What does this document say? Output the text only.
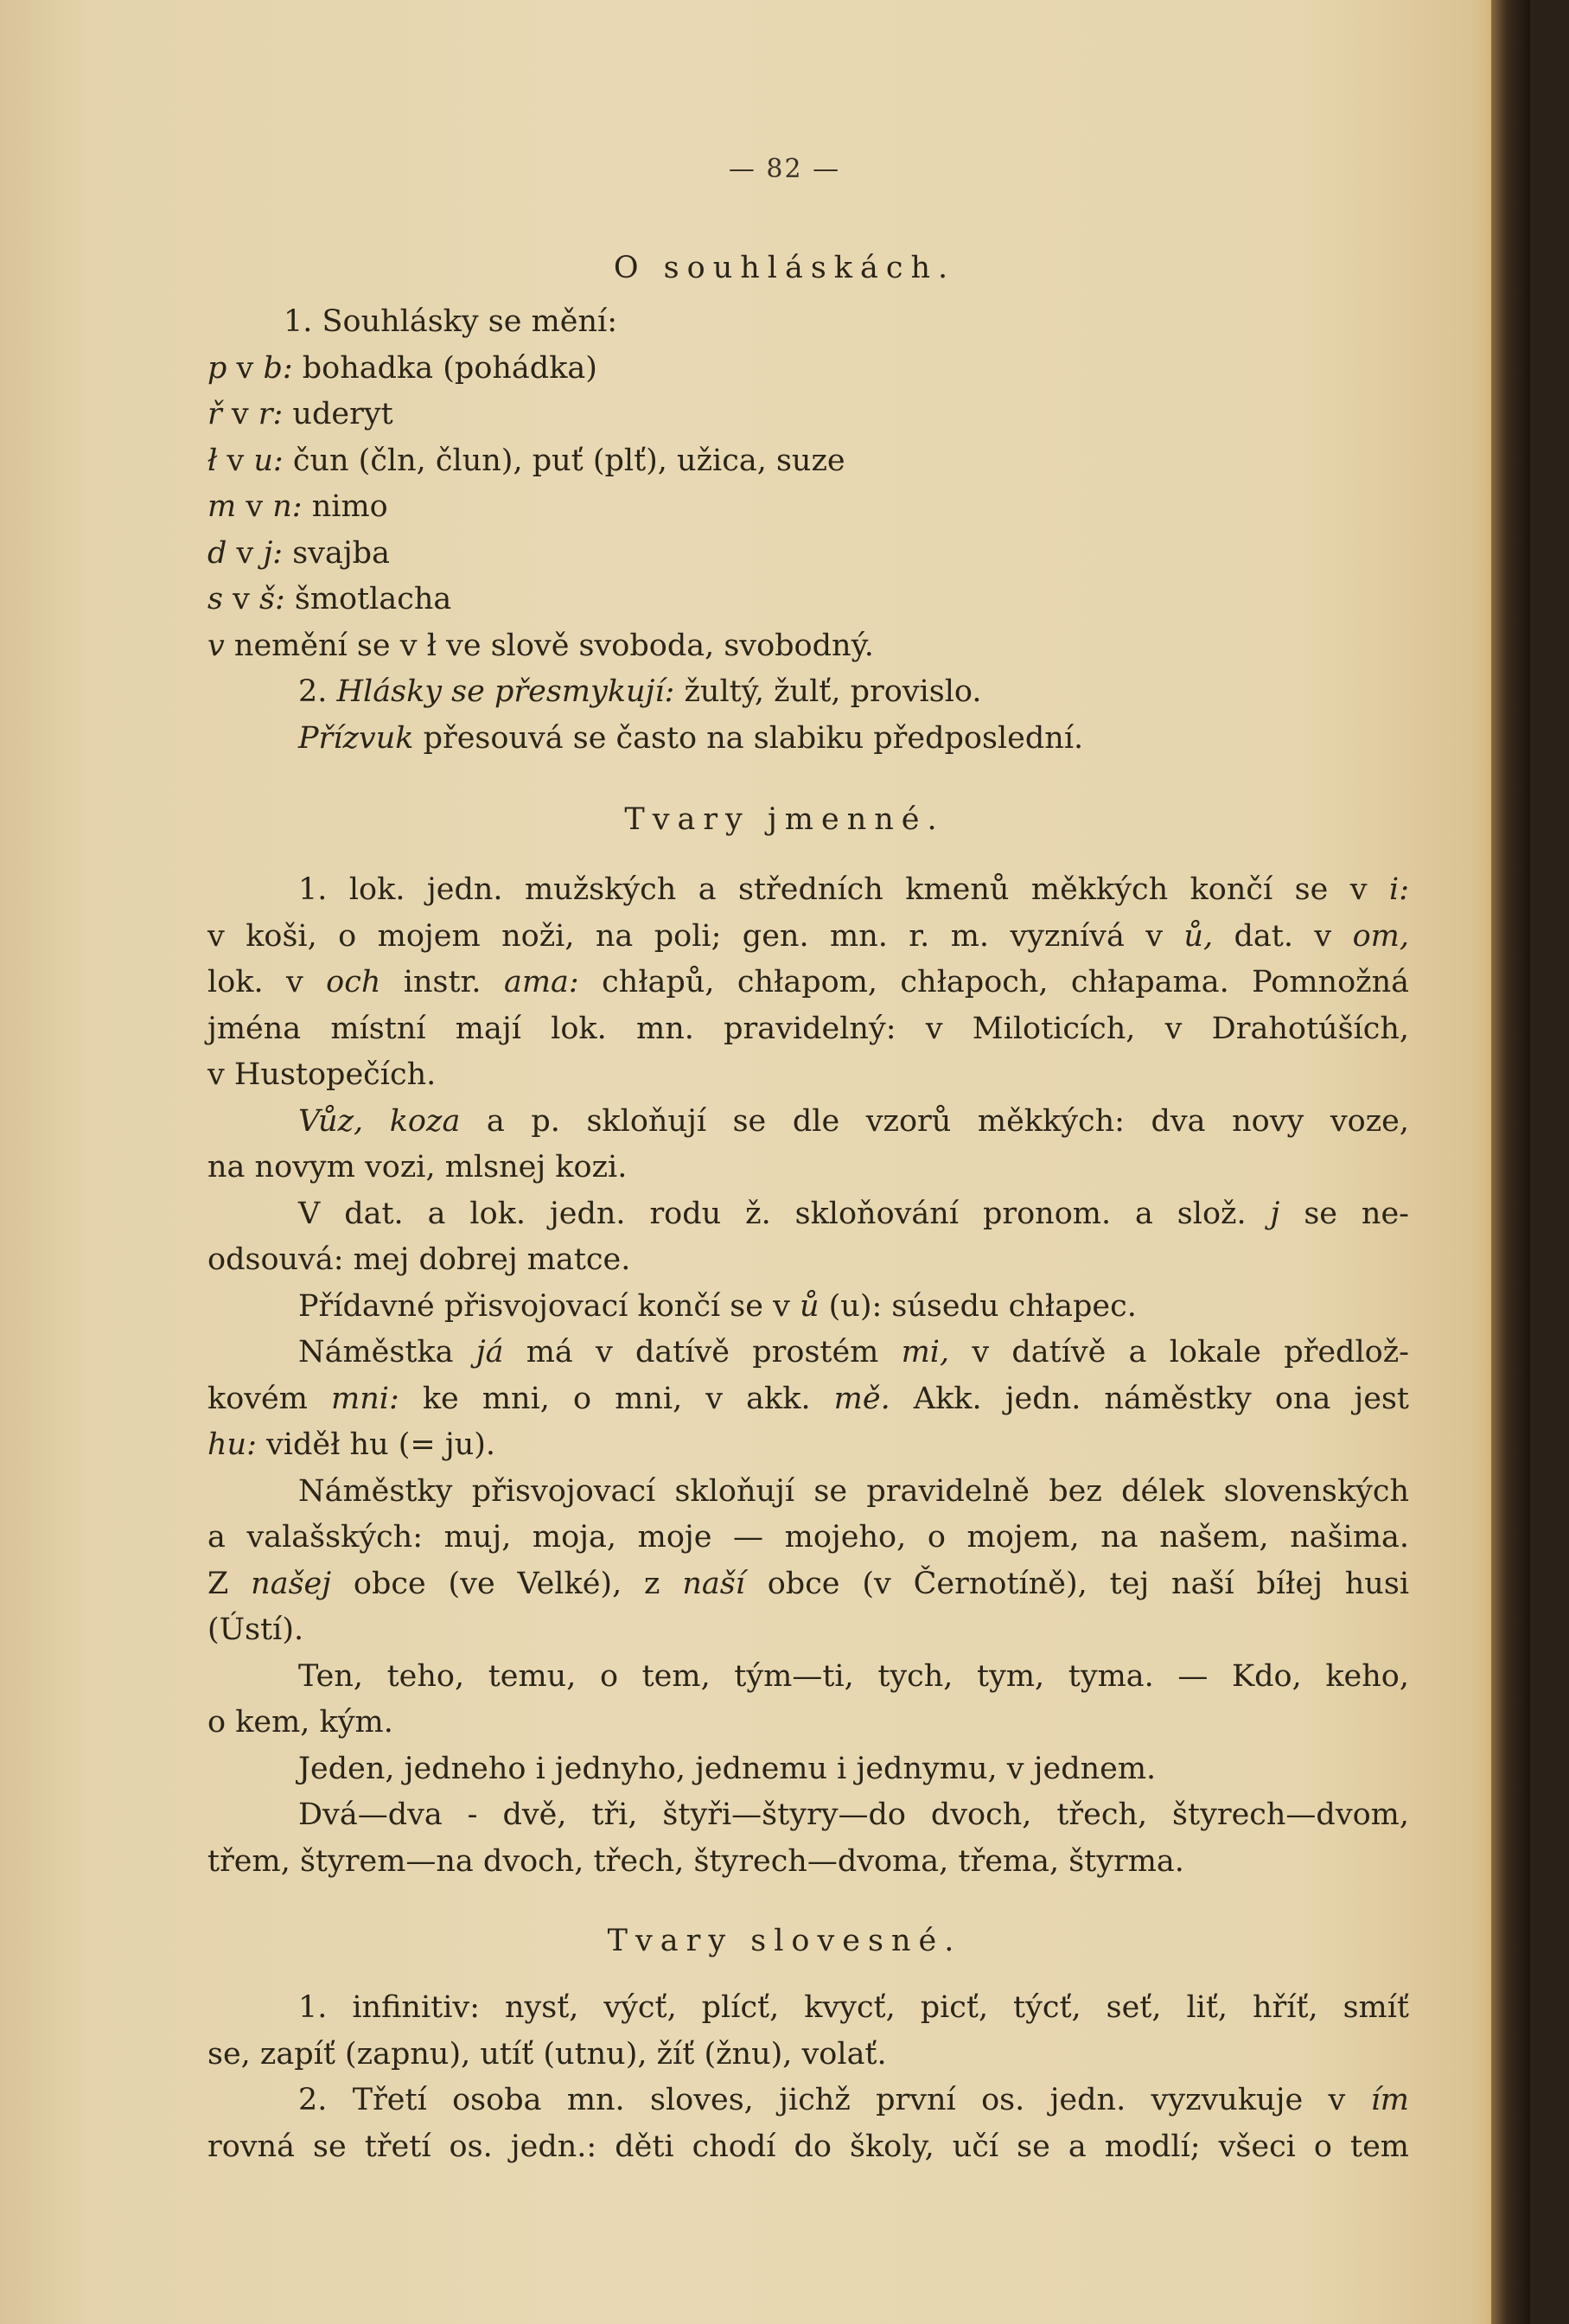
— 82 —
O souhláskách.
1. Souhlásky se mění:
p v b: bohadka (pohádka)
ř v r: uderyt
ł v u: čun (čln, člun), puť (plť), užica, suze
m v n: nimo
d v j: svajba
s v š: šmotlacha
v nemění se v ł ve slově svoboda, svobodný.
2. Hlásky se přesmykují: žultý, žulť, provislo.
Přízvuk přesouvá se často na slabiku předposlední.
Tvary jmenné.
1. lok. jedn. mužských a středních kmenů měkkých končí se v i:
v koši, o mojem noži, na poli; gen. mn. r. m. vyznívá v ů, dat. v om,
lok. v och instr. ama: chłapů, chłapom, chłapoch, chłapama. Pomnožná
jména místní mají lok. mn. pravidelný: v Miloticích, v Drahotúších,
v Hustopečích.
Vůz, koza a p. skloňují se dle vzorů měkkých: dva novy voze,
na novym vozi, mlsnej kozi.
V dat. a lok. jedn. rodu ž. skloňování pronom. a slož. j se ne-
odsouvá: mej dobrej matce.
Přídavné přisvojovací končí se v ů (u): súsedu chłapec.
Náměstka já má v datívě prostém mi, v datívě a lokale předlož-
kovém mni: ke mni, o mni, v akk. mě. Akk. jedn. náměstky ona jest
hu: viděł hu (= ju).
Náměstky přisvojovací skloňují se pravidelně bez délek slovenských
a valašských: muj, moja, moje — mojeho, o mojem, na našem, našima.
Z našej obce (ve Velké), z naší obce (v Černotíně), tej naší bíłej husi
(Ústí).
Ten, teho, temu, o tem, tým—ti, tych, tym, tyma. — Kdo, keho,
o kem, kým.
Jeden, jedneho i jednyho, jednemu i jednymu, v jednem.
Dvá—dva - dvě, tři, štyři—štyry—do dvoch, třech, štyrech—dvom,
třem, štyrem—na dvoch, třech, štyrech—dvoma, třema, štyrma.
Tvary slovesné.
1. infinitiv: nysť, výcť, plícť, kvycť, picť, týcť, seť, liť, hříť, smíť
se, zapíť (zapnu), utíť (utnu), žíť (žnu), volať.
2. Třetí osoba mn. sloves, jichž první os. jedn. vyzvukuje v ím
rovná se třetí os. jedn.: děti chodí do školy, učí se a modlí; všeci o tem
